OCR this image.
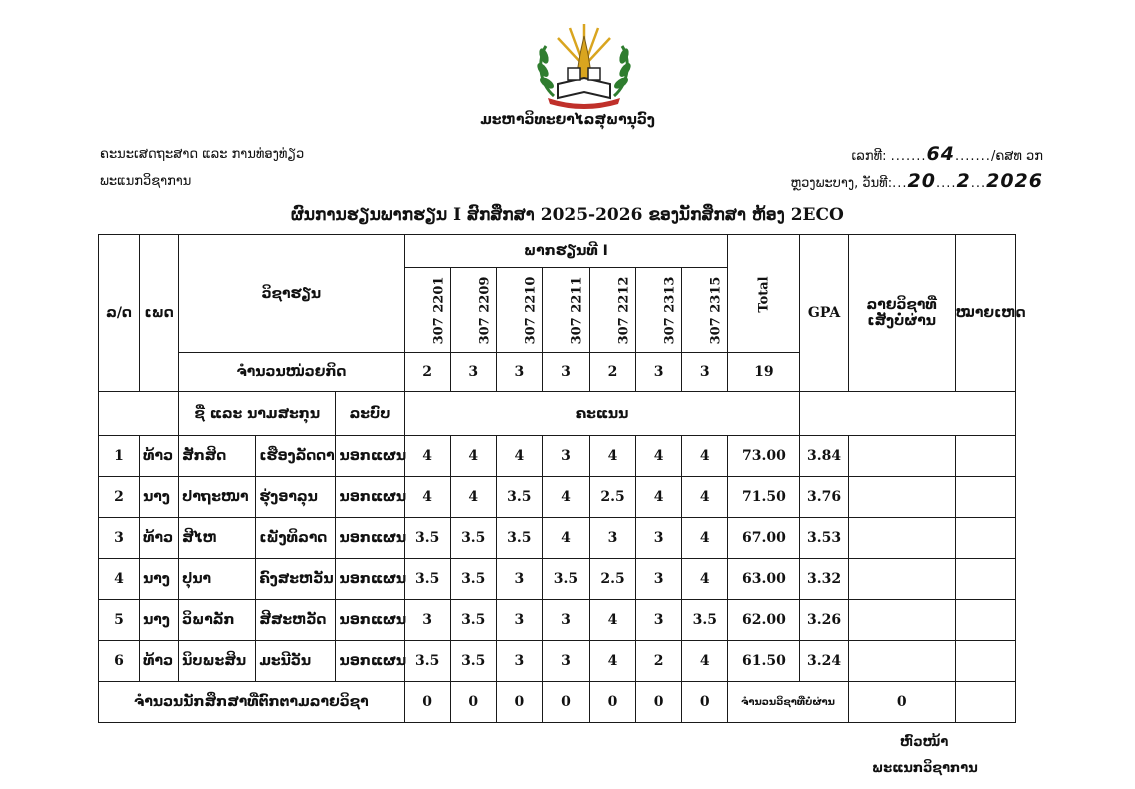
ມະຫາວິທະຍາໄລສຸພານຸວົງ
ຄະນະເສດຖະສາດ ແລະ ການທ່ອງທ່ຽວ
ພະແນກວິຊາການ
ເລກທີ: .......64......./ຄສທ ວກ
ຫຼວງພະບາງ, ວັນທີ:...20....2...2026
ຜົນການຮຽນພາກຮຽນ I ສົກສຶກສາ 2025-2026 ຂອງນັກສຶກສາ ຫ້ອງ 2ECO
ລ/ດ	ເພດ	ວິຊາຮຽນ			ພາກຮຽນທີ I							Total	GPA	ລາຍວິຊາທີ່ເສັງບໍ່ຜ່ານ	ໝາຍເຫດ
					307 2201	307 2209	307 2210	307 2211	307 2212	307 2313	307 2315				
		ຈຳນວນໜ່ວຍກິດ			2	3	3	3	2	3	3	19			
		ຊື່ ແລະ ນາມສະກຸນ		ລະບົບ	ຄະແນນ										
1	ທ້າວ	ສັກສິດ	ເຮືອງລັດດາ	ນອກແຜນ	4	4	4	3	4	4	4	73.00	3.84		
2	ນາງ	ປາຖະໜາ	ຮຸ່ງອາລຸນ	ນອກແຜນ	4	4	3.5	4	2.5	4	4	71.50	3.76		
3	ທ້າວ	ສີໄຫ	ເພັງທິລາດ	ນອກແຜນ	3.5	3.5	3.5	4	3	3	4	67.00	3.53		
4	ນາງ	ປຸນາ	ຄົງສະຫວັນ	ນອກແຜນ	3.5	3.5	3	3.5	2.5	3	4	63.00	3.32		
5	ນາງ	ວິພາລັກ	ສີສະຫວັດ	ນອກແຜນ	3	3.5	3	3	4	3	3.5	62.00	3.26		
6	ທ້າວ	ນິບພະສິນ	ມະນີວັນ	ນອກແຜນ	3.5	3.5	3	3	4	2	4	61.50	3.24		
ຈຳນວນນັກສຶກສາທີ່ຕົກຕາມລາຍວິຊາ					0	0	0	0	0	0	0	ຈຳນວນວິຊາທີ່ບໍ່ຜ່ານ		0	
ຫົວໜ້າ
ພະແນກວິຊາການ
